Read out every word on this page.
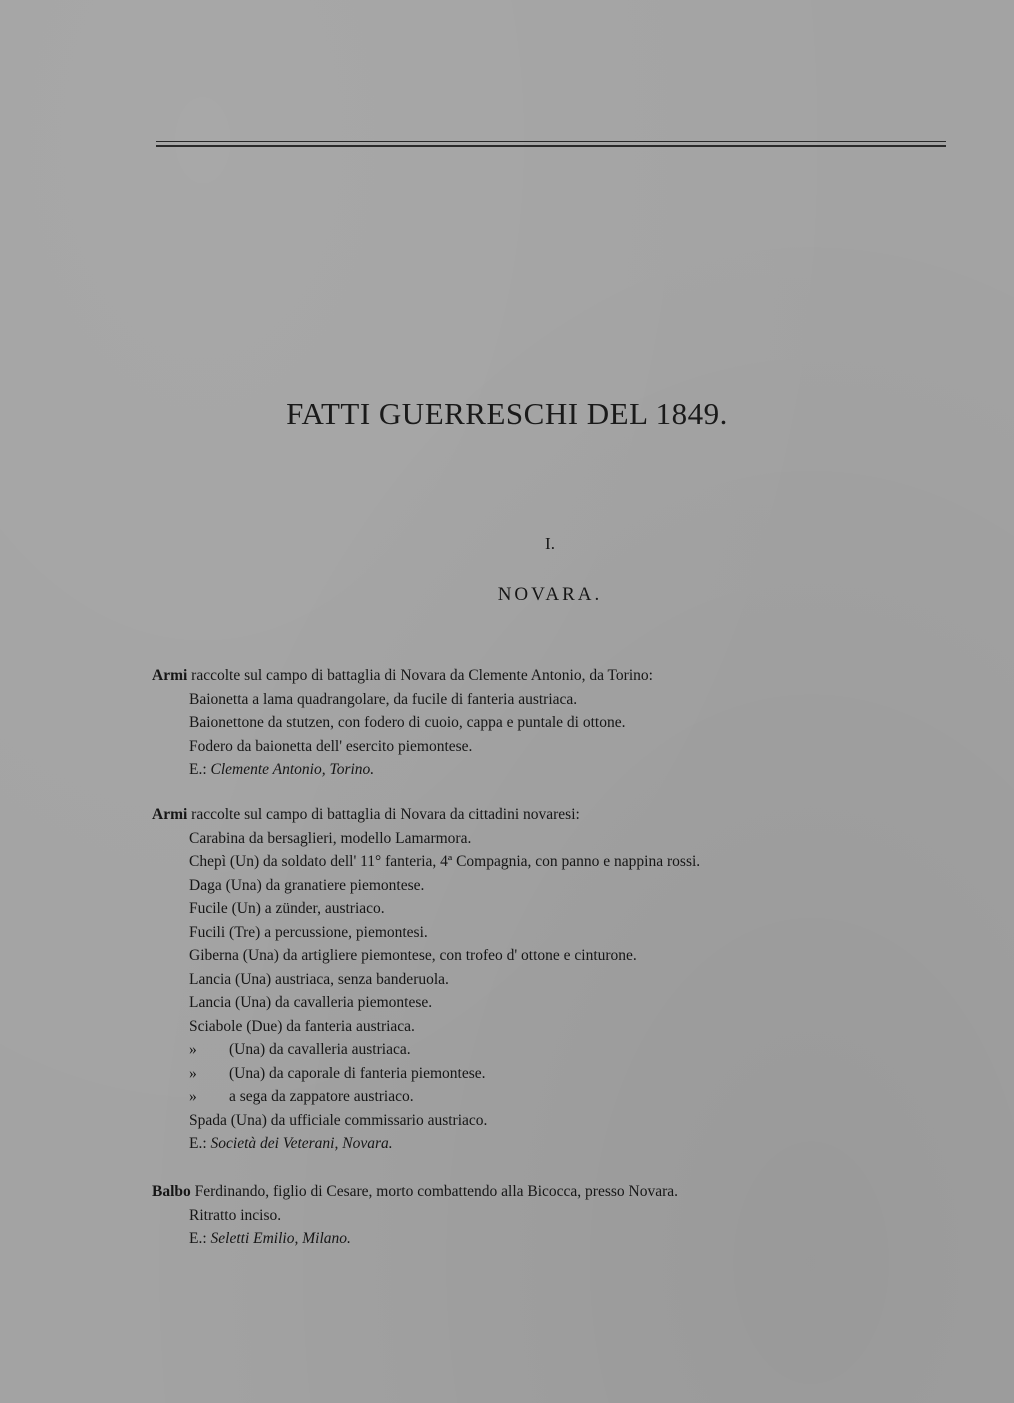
FATTI GUERRESCHI DEL 1849.
I.
NOVARA.
Armi raccolte sul campo di battaglia di Novara da Clemente Antonio, da Torino:
Baionetta a lama quadrangolare, da fucile di fanteria austriaca.
Baionettone da stutzen, con fodero di cuoio, cappa e puntale di ottone.
Fodero da baionetta dell' esercito piemontese.
E.: Clemente Antonio, Torino.
Armi raccolte sul campo di battaglia di Novara da cittadini novaresi:
Carabina da bersaglieri, modello Lamarmora.
Chepì (Un) da soldato dell' 11° fanteria, 4ª Compagnia, con panno e nappina rossi.
Daga (Una) da granatiere piemontese.
Fucile (Un) a zünder, austriaco.
Fucili (Tre) a percussione, piemontesi.
Giberna (Una) da artigliere piemontese, con trofeo d' ottone e cinturone.
Lancia (Una) austriaca, senza banderuola.
Lancia (Una) da cavalleria piemontese.
Sciabole (Due) da fanteria austriaca.
» (Una) da cavalleria austriaca.
» (Una) da caporale di fanteria piemontese.
» a sega da zappatore austriaco.
Spada (Una) da ufficiale commissario austriaco.
E.: Società dei Veterani, Novara.
Balbo Ferdinando, figlio di Cesare, morto combattendo alla Bicocca, presso Novara.
Ritratto inciso.
E.: Seletti Emilio, Milano.
